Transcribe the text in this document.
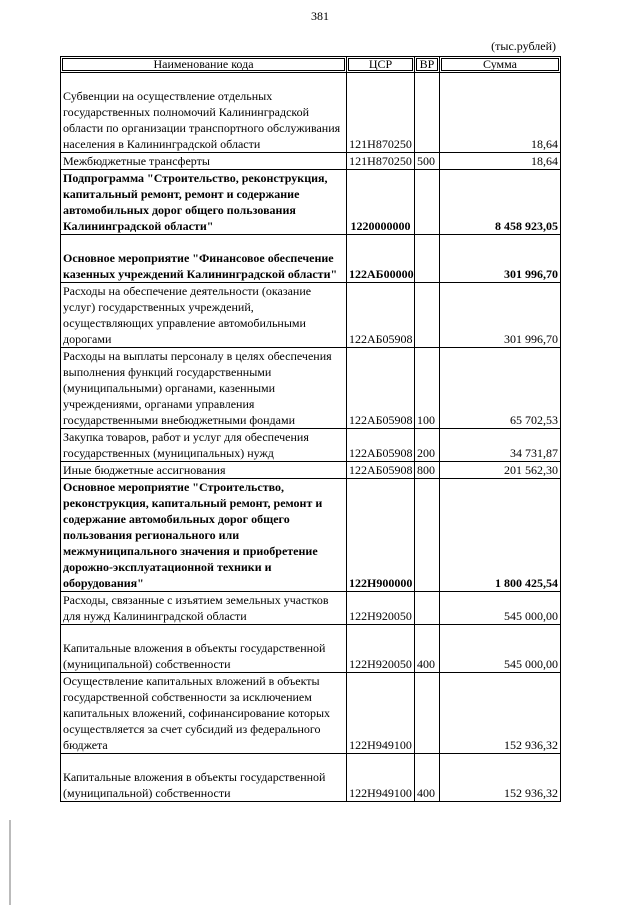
381
(тыс.рублей)
Наименование кода	ЦСР	ВР	Сумма

Субвенции на осуществление отдельных государственных полномочий Калининградской области по организации транспортного обслуживания населения в Калининградской области	121Н870250		18,64
Межбюджетные трансферты	121Н870250	500	18,64
Подпрограмма "Строительство, реконструкция, капитальный ремонт, ремонт и содержание автомобильных дорог общего пользования Калининградской области"	1220000000		8 458 923,05
Основное мероприятие "Финансовое обеспечение казенных учреждений Калининградской области"	122АБ00000		301 996,70
Расходы на обеспечение деятельности (оказание услуг) государственных учреждений, осуществляющих управление автомобильными дорогами	122АБ05908		301 996,70
Расходы на выплаты персоналу в целях обеспечения выполнения функций государственными (муниципальными) органами, казенными учреждениями, органами управления государственными внебюджетными фондами	122АБ05908	100	65 702,53
Закупка товаров, работ и услуг для обеспечения государственных (муниципальных) нужд	122АБ05908	200	34 731,87
Иные бюджетные ассигнования	122АБ05908	800	201 562,30
Основное мероприятие "Строительство, реконструкция, капитальный ремонт, ремонт и содержание автомобильных дорог общего пользования регионального или межмуниципального значения и приобретение дорожно-эксплуатационной техники и оборудования"	122Н900000		1 800 425,54
Расходы, связанные с изъятием земельных участков для нужд Калининградской области	122Н920050		545 000,00
Капитальные вложения в объекты государственной (муниципальной) собственности	122Н920050	400	545 000,00
Осуществление капитальных вложений в объекты государственной собственности за исключением капитальных вложений, софинансирование которых осуществляется за счет субсидий из федерального бюджета	122Н949100		152 936,32
Капитальные вложения в объекты государственной (муниципальной) собственности	122Н949100	400	152 936,32
